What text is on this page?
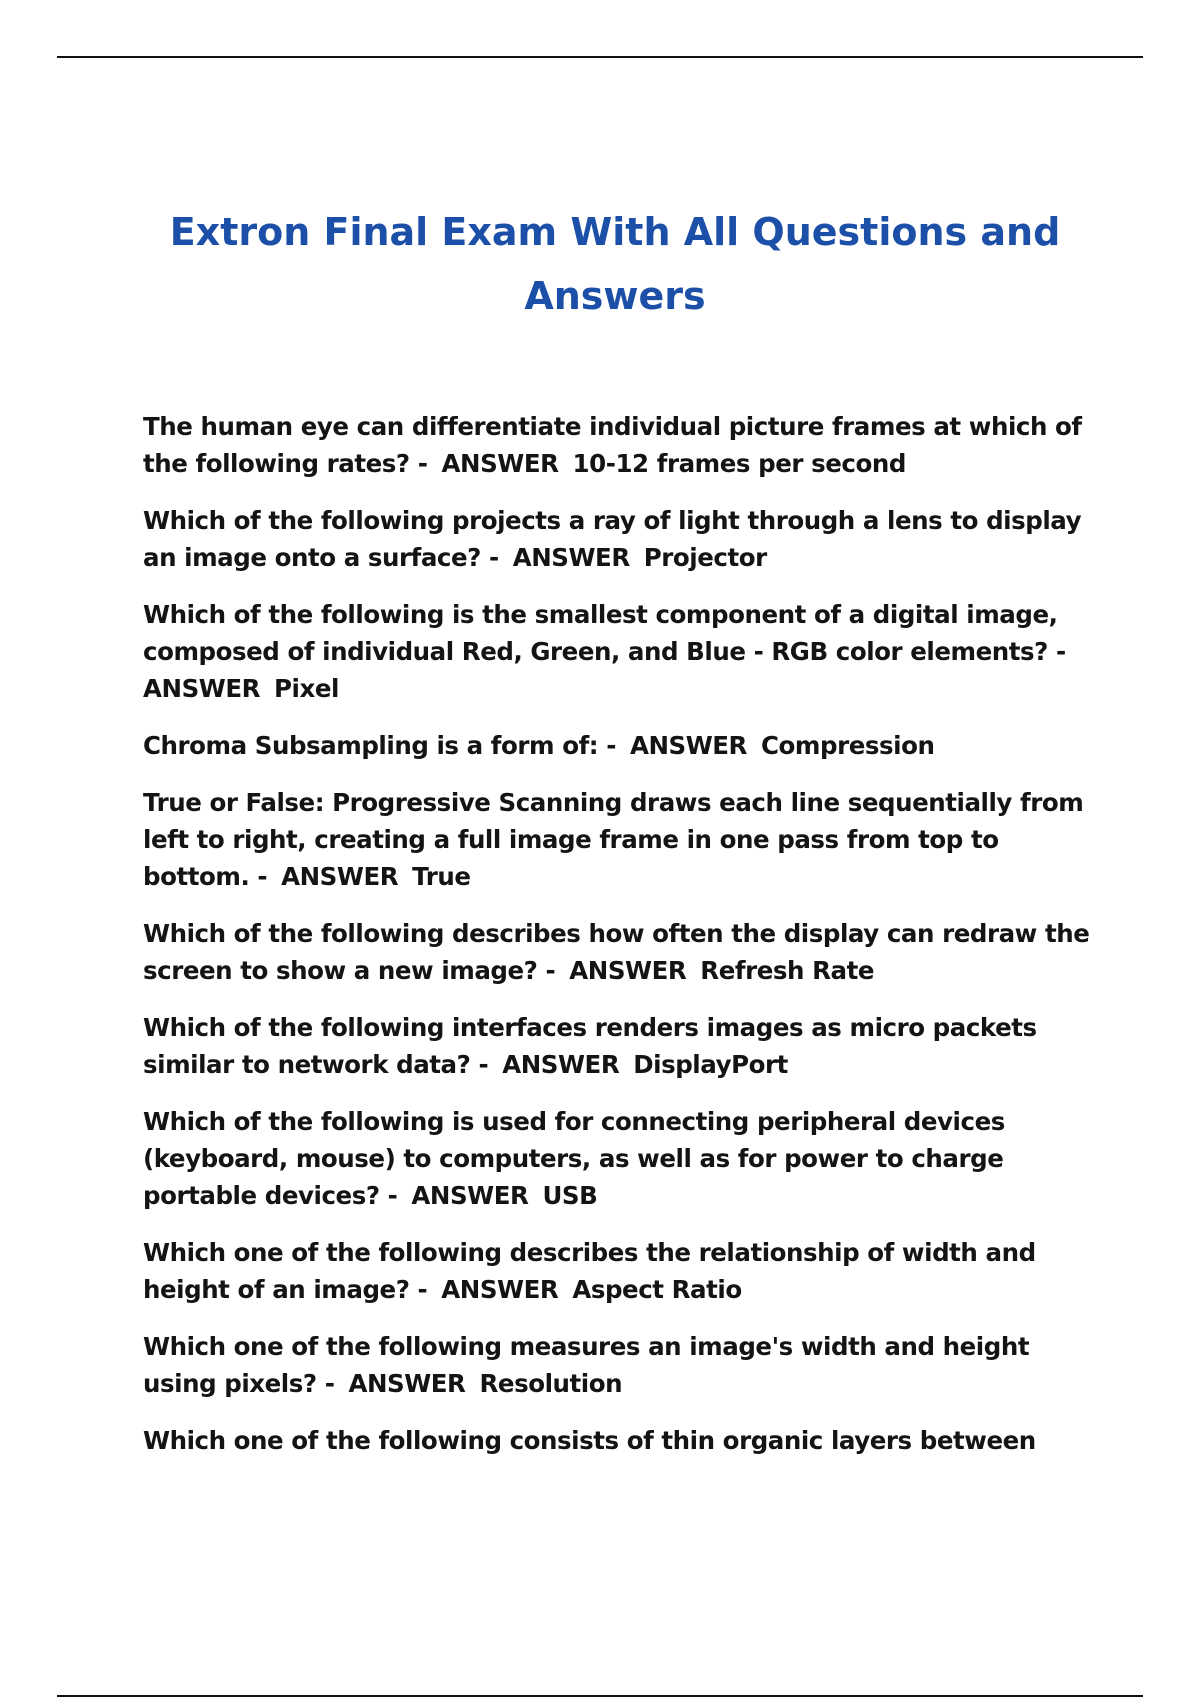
Extron Final Exam With All Questions and Answers

The human eye can differentiate individual picture frames at which of the following rates? - ANSWER 10-12 frames per second

Which of the following projects a ray of light through a lens to display an image onto a surface? - ANSWER Projector

Which of the following is the smallest component of a digital image, composed of individual Red, Green, and Blue - RGB color elements? -
ANSWER Pixel

Chroma Subsampling is a form of: - ANSWER Compression

True or False: Progressive Scanning draws each line sequentially from left to right, creating a full image frame in one pass from top to bottom. - ANSWER True

Which of the following describes how often the display can redraw the screen to show a new image? - ANSWER Refresh Rate

Which of the following interfaces renders images as micro packets similar to network data? - ANSWER DisplayPort

Which of the following is used for connecting peripheral devices (keyboard, mouse) to computers, as well as for power to charge portable devices? - ANSWER USB

Which one of the following describes the relationship of width and height of an image? - ANSWER Aspect Ratio

Which one of the following measures an image's width and height using pixels? - ANSWER Resolution

Which one of the following consists of thin organic layers between
